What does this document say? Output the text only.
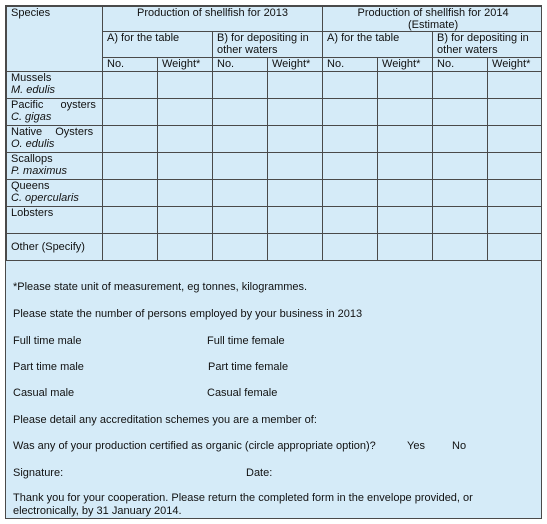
Species	Production of shellfish for 2013				Production of shellfish for 2014
(Estimate)			
	A) for the table		B) for depositing in
other waters		A) for the table		B) for depositing in
other waters	
	No.	Weight*	No.	Weight*	No.	Weight*	No.	Weight*

Mussels
M. edulis								

Pacific oysters
C. gigas								

Native Oysters
O. edulis								

Scallops
P. maximus								

Queens
C. opercularis								

Lobsters								

Other (Specify)								

*Please state unit of measurement, eg tonnes, kilogrammes.
Please state the number of persons employed by your business in 2013
Full time male	Full time female
Part time male	Part time female
Casual male	Casual female
Please detail any accreditation schemes you are a member of:
Was any of your production certified as organic (circle appropriate option)?	Yes No
Signature:	Date:
Thank you for your cooperation. Please return the completed form in the envelope provided, or
electronically, by 31 January 2014.
